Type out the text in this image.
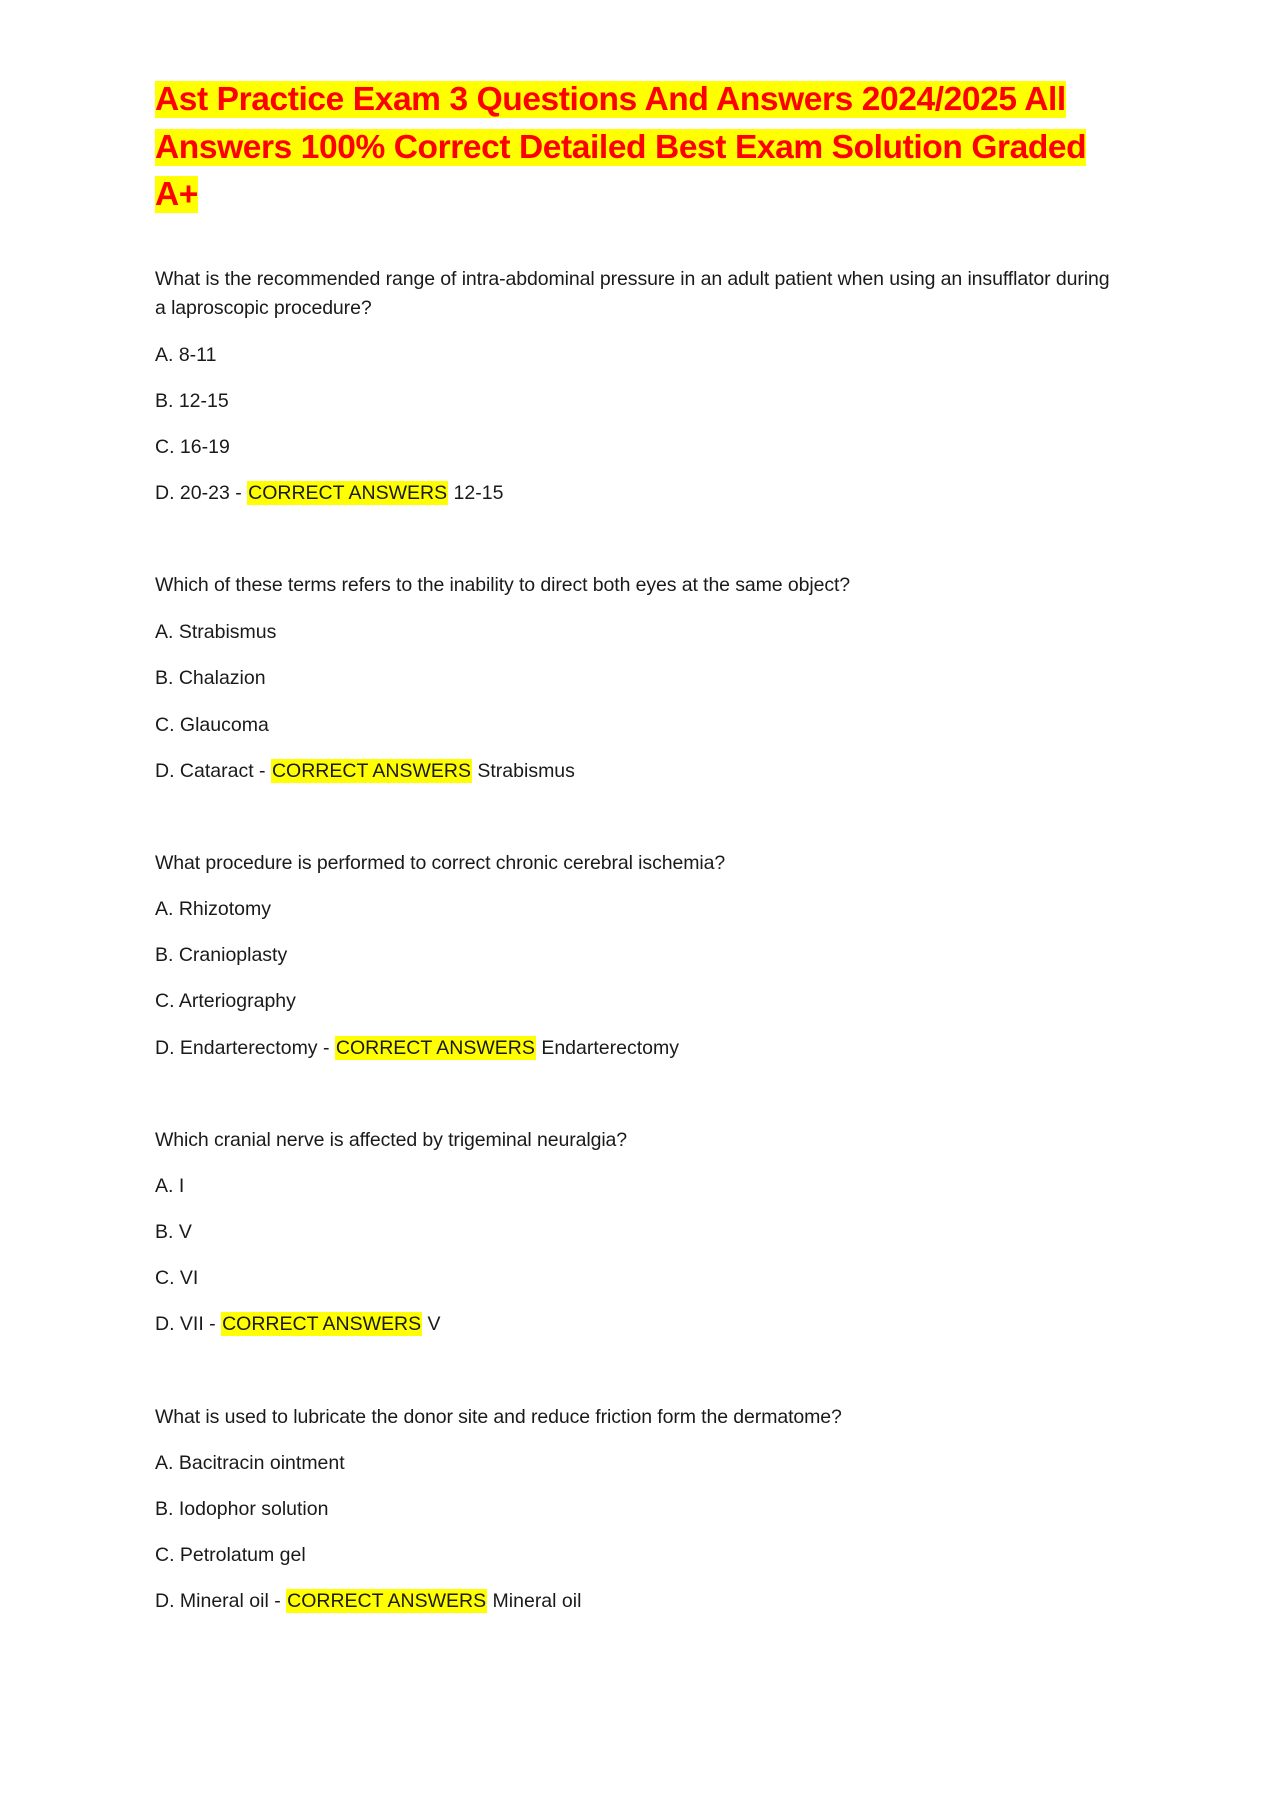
Ast Practice Exam 3 Questions And Answers 2024/2025 All
Answers 100% Correct Detailed Best Exam Solution Graded
A+

What is the recommended range of intra-abdominal pressure in an adult patient when using an insufflator during a laproscopic procedure?

A. 8-11

B. 12-15

C. 16-19

D. 20-23 - CORRECT ANSWERS 12-15

Which of these terms refers to the inability to direct both eyes at the same object?

A. Strabismus

B. Chalazion

C. Glaucoma

D. Cataract - CORRECT ANSWERS Strabismus

What procedure is performed to correct chronic cerebral ischemia?

A. Rhizotomy

B. Cranioplasty

C. Arteriography

D. Endarterectomy - CORRECT ANSWERS Endarterectomy

Which cranial nerve is affected by trigeminal neuralgia?

A. I

B. V

C. VI

D. VII - CORRECT ANSWERS V

What is used to lubricate the donor site and reduce friction form the dermatome?

A. Bacitracin ointment

B. Iodophor solution

C. Petrolatum gel

D. Mineral oil - CORRECT ANSWERS Mineral oil
